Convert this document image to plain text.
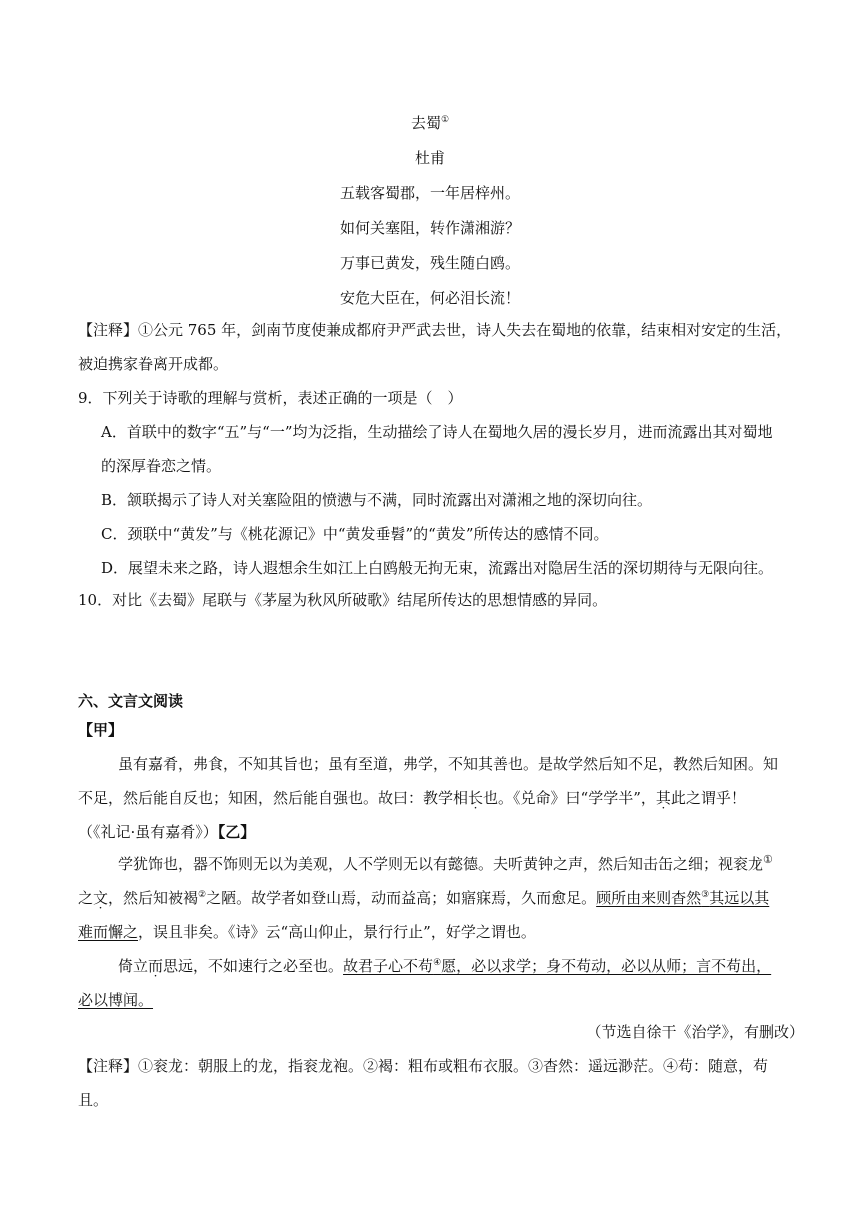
去蜀①
杜甫
五载客蜀郡，一年居梓州。
如何关塞阻，转作潇湘游？
万事已黄发，残生随白鸥。
安危大臣在，何必泪长流！
【注释】①公元 765 年，剑南节度使兼成都府尹严武去世，诗人失去在蜀地的依靠，结束相对安定的生活，
被迫携家眷离开成都。
9．下列关于诗歌的理解与赏析，表述正确的一项是（　）
A．首联中的数字“五”与“一”均为泛指，生动描绘了诗人在蜀地久居的漫长岁月，进而流露出其对蜀地
的深厚眷恋之情。
B．颔联揭示了诗人对关塞险阻的愤懑与不满，同时流露出对潇湘之地的深切向往。
C．颈联中“黄发”与《桃花源记》中“黄发垂髫”的“黄发”所传达的感情不同。
D．展望未来之路，诗人遐想余生如江上白鸥般无拘无束，流露出对隐居生活的深切期待与无限向往。
10．对比《去蜀》尾联与《茅屋为秋风所破歌》结尾所传达的思想情感的异同。
六、文言文阅读
【甲】
虽有嘉肴，弗食，不知其旨也；虽有至道，弗学，不知其善也。是故学然后知不足，教然后知困。知
不足，然后能自反也；知困，然后能自强也。故曰：教学相长也。《兑命》曰“学学半”，其此之谓乎！
（《礼记·虽有嘉肴》）【乙】
学犹饰也，器不饰则无以为美观，人不学则无以有懿德。夫听黄钟之声，然后知击缶之细；视衮龙①
之文，然后知被褐②之陋。故学者如登山焉，动而益高；如寤寐焉，久而愈足。顾所由来则杳然③其远以其
难而懈之，误且非矣。《诗》云“高山仰止，景行行止”，好学之谓也。
倚立而思远，不如速行之必至也。故君子心不苟④愿，必以求学；身不苟动，必以从师；言不苟出，
必以博闻。
（节选自徐干《治学》，有删改）
【注释】①衮龙：朝服上的龙，指衮龙袍。②褐：粗布或粗布衣服。③杳然：遥远渺茫。④苟：随意，苟
且。
